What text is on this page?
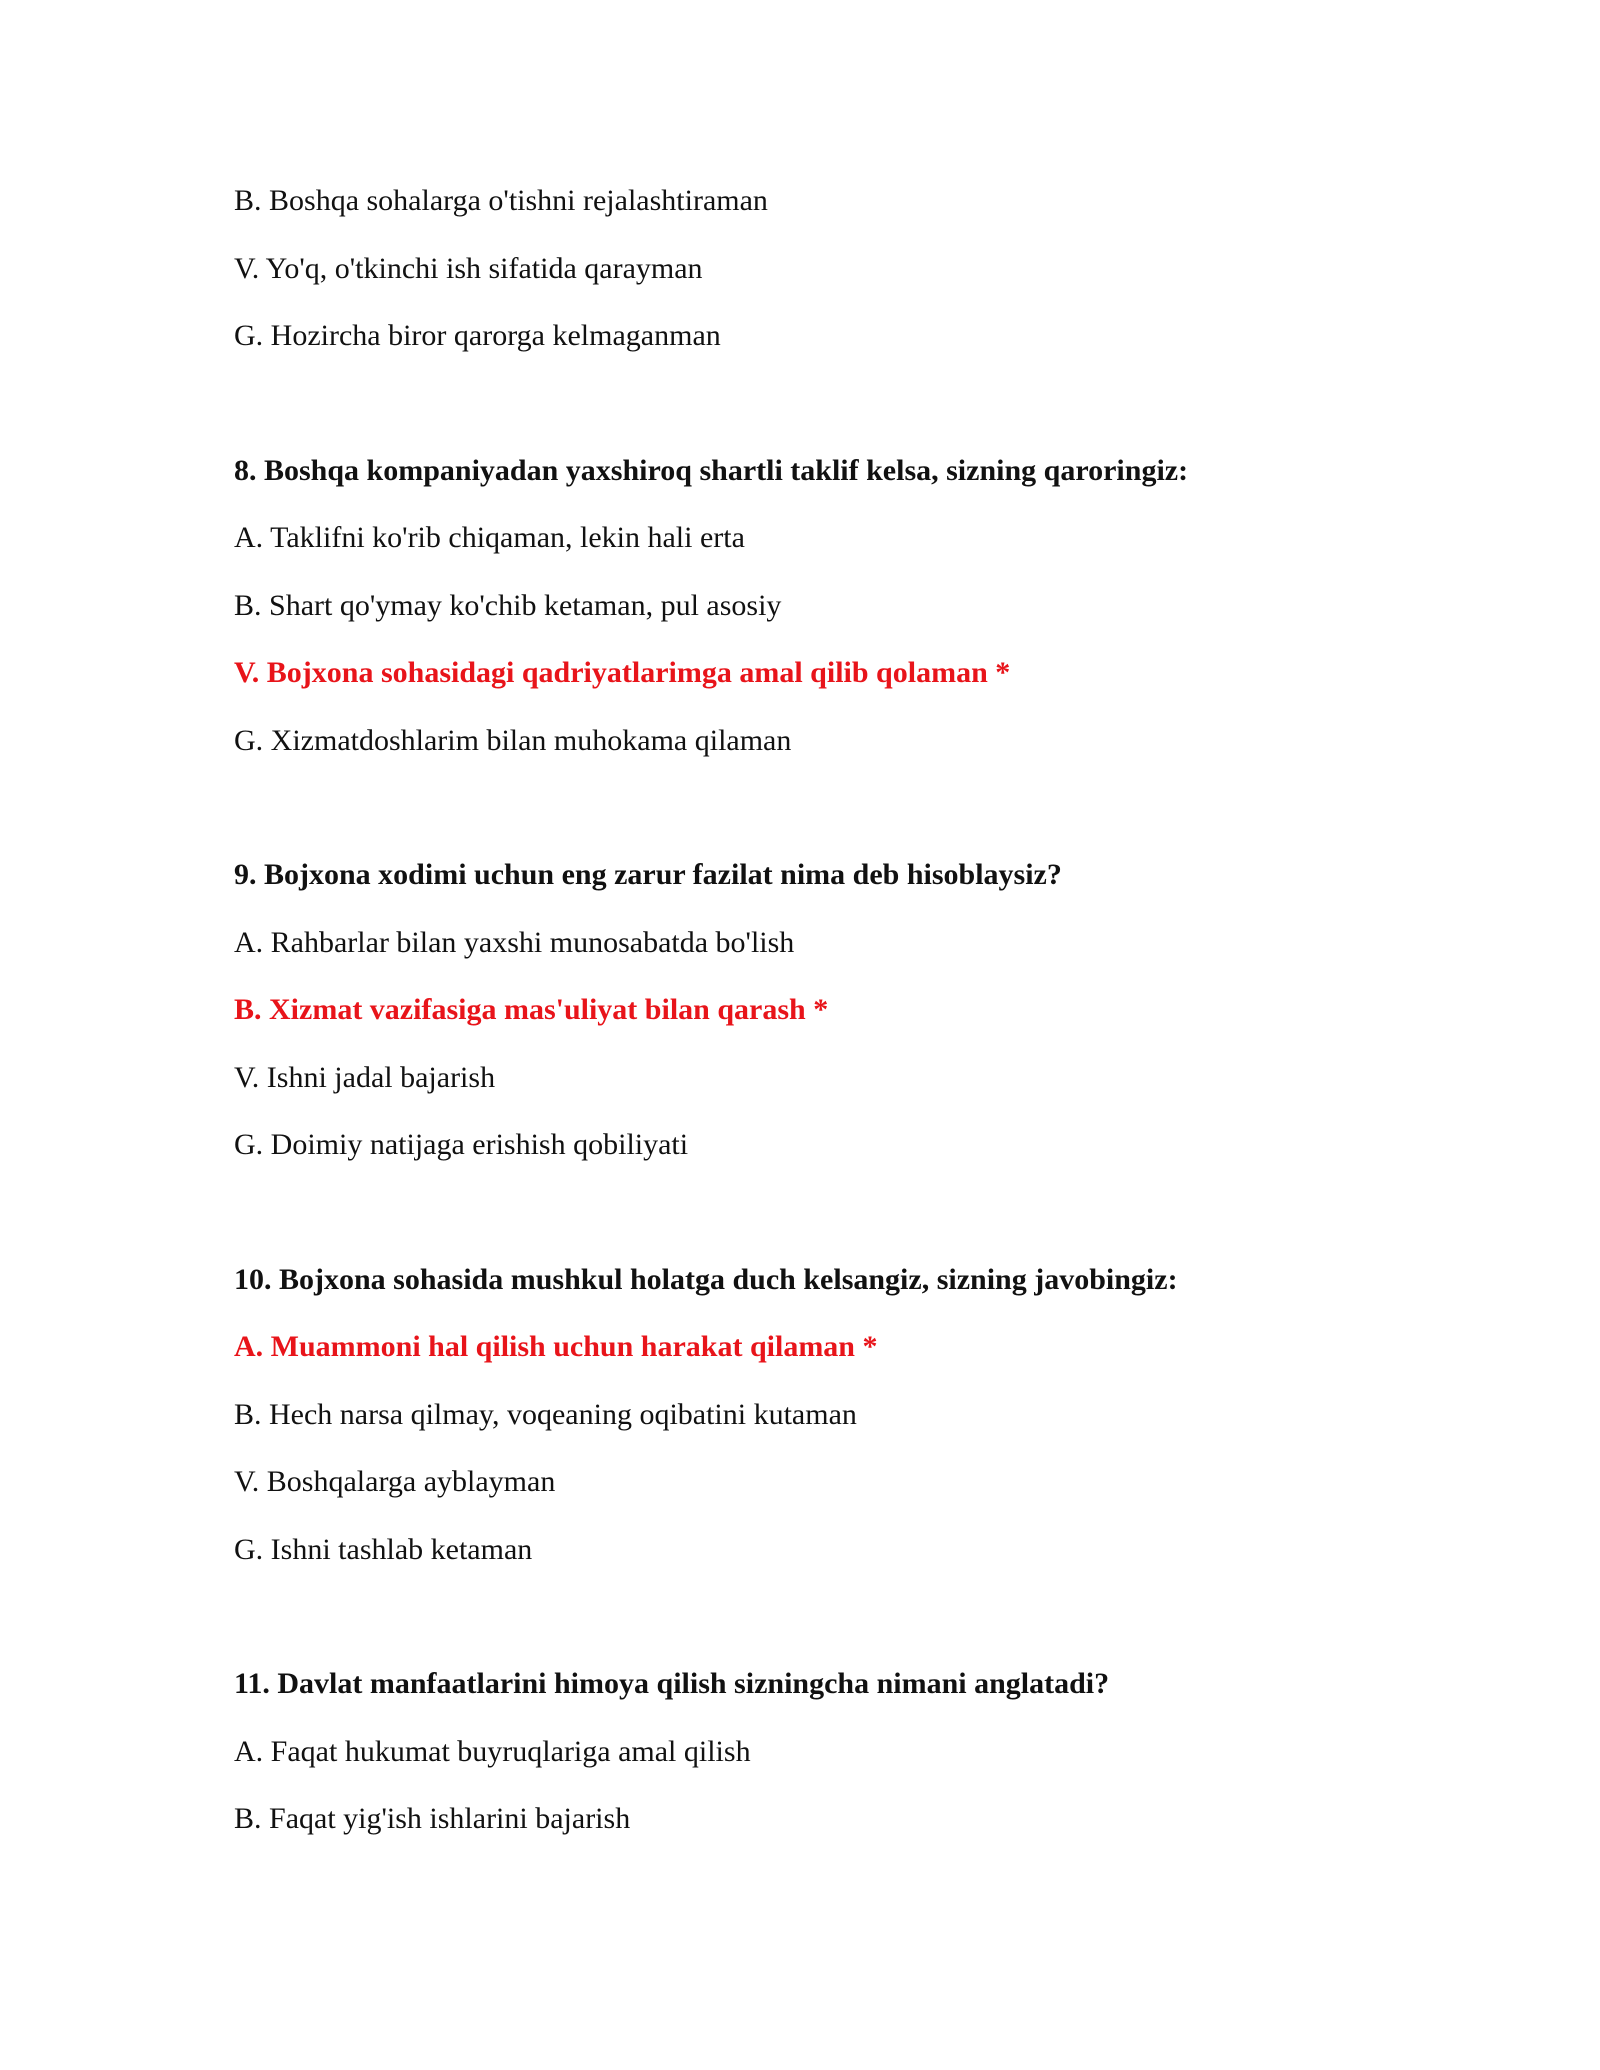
B. Boshqa sohalarga o'tishni rejalashtiraman

V. Yo'q, o'tkinchi ish sifatida qarayman

G. Hozircha biror qarorga kelmaganman

8. Boshqa kompaniyadan yaxshiroq shartli taklif kelsa, sizning qaroringiz:

A. Taklifni ko'rib chiqaman, lekin hali erta

B. Shart qo'ymay ko'chib ketaman, pul asosiy

V. Bojxona sohasidagi qadriyatlarimga amal qilib qolaman *

G. Xizmatdoshlarim bilan muhokama qilaman

9. Bojxona xodimi uchun eng zarur fazilat nima deb hisoblaysiz?

A. Rahbarlar bilan yaxshi munosabatda bo'lish

B. Xizmat vazifasiga mas'uliyat bilan qarash *

V. Ishni jadal bajarish

G. Doimiy natijaga erishish qobiliyati

10. Bojxona sohasida mushkul holatga duch kelsangiz, sizning javobingiz:

A. Muammoni hal qilish uchun harakat qilaman *

B. Hech narsa qilmay, voqeaning oqibatini kutaman

V. Boshqalarga ayblayman

G. Ishni tashlab ketaman

11. Davlat manfaatlarini himoya qilish sizningcha nimani anglatadi?

A. Faqat hukumat buyruqlariga amal qilish

B. Faqat yig'ish ishlarini bajarish
